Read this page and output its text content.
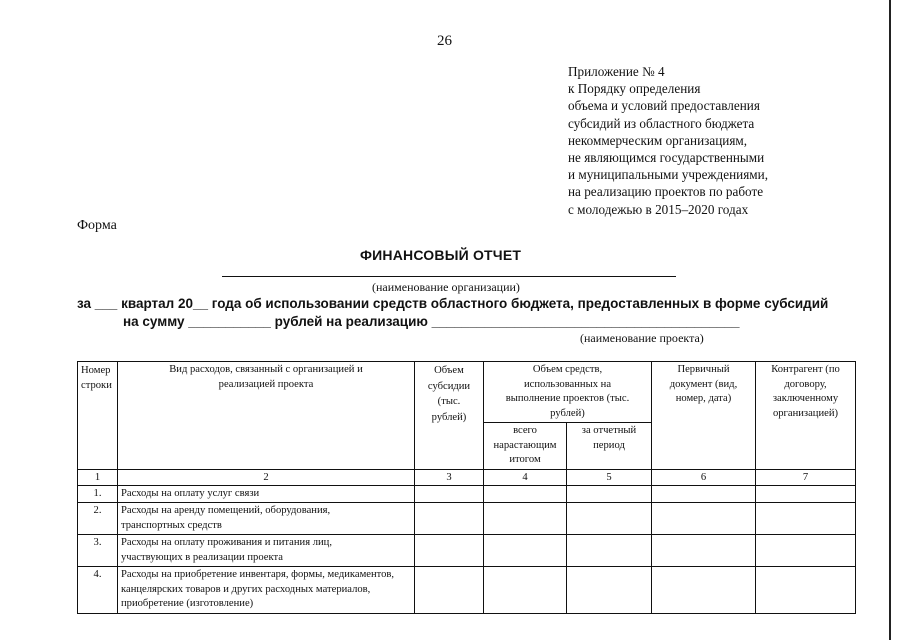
26
Приложение № 4
к Порядку определения
объема и условий предоставления
субсидий из областного бюджета
некоммерческим организациям,
не являющимся государственными
и муниципальными учреждениями,
на реализацию проектов по работе
с молодежью в 2015–2020 годах
Форма
ФИНАНСОВЫЙ ОТЧЕТ
(наименование организации)
за ___ квартал 20__ года об использовании средств областного бюджета, предоставленных в форме субсидий
на сумму ___________ рублей на реализацию _________________________________________
(наименование проекта)
Номер строки	Вид расходов, связанный с организацией и реализацией проекта	Объем субсидии (тыс. рублей)	Объем средств, использованных на выполнение проектов (тыс. рублей)		Первичный документ (вид, номер, дата)	Контрагент (по договору, заключенному организацией)

			всего нарастающим итогом	за отчетный период		

1	2	3	4	5	6	7
1.	Расходы на оплату услуг связи					
2.	Расходы на аренду помещений, оборудования, транспортных средств					

3.	Расходы на оплату проживания и питания лиц, участвующих в реализации проекта					

4.	Расходы на приобретение инвентаря, формы, медикаментов, канцелярских товаров и других расходных материалов, приобретение (изготовление)					
